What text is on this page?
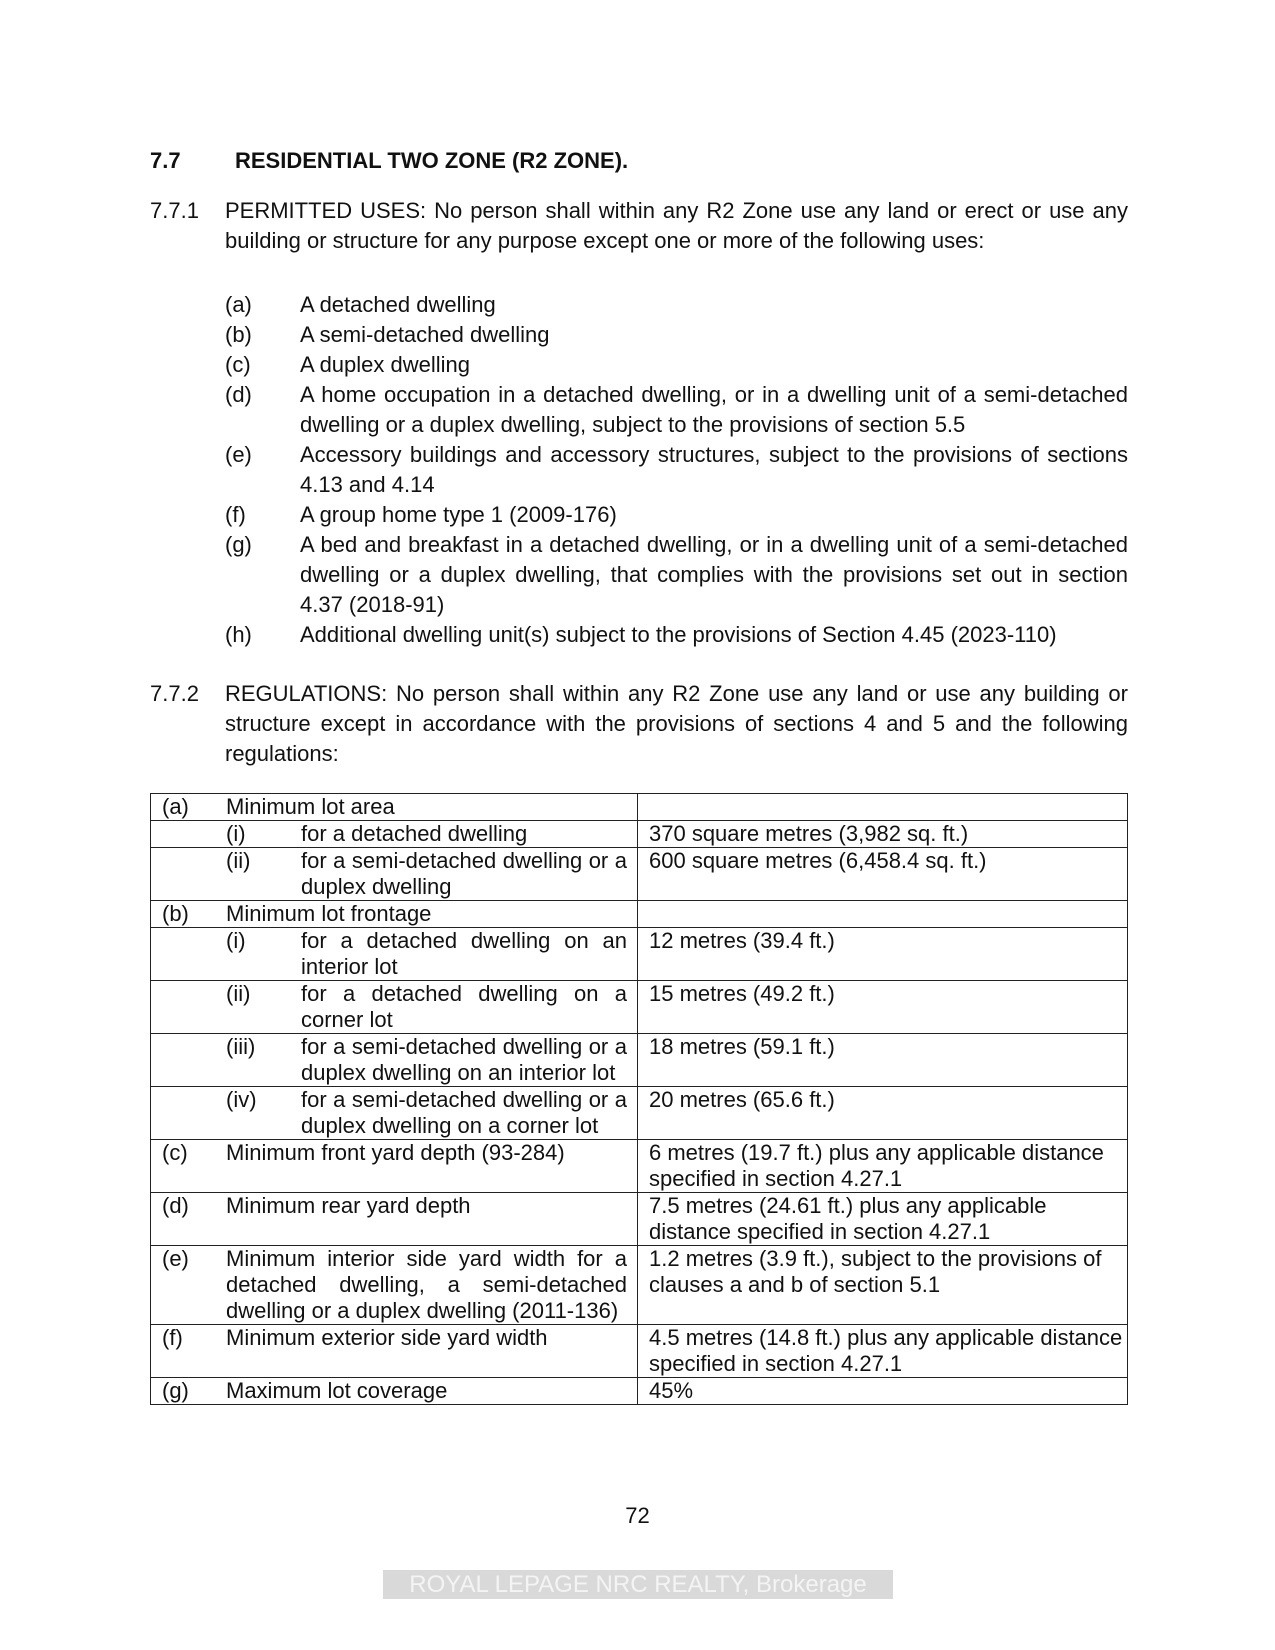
7.7 RESIDENTIAL TWO ZONE (R2 ZONE).
7.7.1 PERMITTED USES: No person shall within any R2 Zone use any land or erect or use any building or structure for any purpose except one or more of the following uses:
(a) A detached dwelling
(b) A semi-detached dwelling
(c) A duplex dwelling
(d) A home occupation in a detached dwelling, or in a dwelling unit of a semi-detached dwelling or a duplex dwelling, subject to the provisions of section 5.5
(e) Accessory buildings and accessory structures, subject to the provisions of sections 4.13 and 4.14
(f) A group home type 1 (2009-176)
(g) A bed and breakfast in a detached dwelling, or in a dwelling unit of a semi-detached dwelling or a duplex dwelling, that complies with the provisions set out in section 4.37 (2018-91)
(h) Additional dwelling unit(s) subject to the provisions of Section 4.45 (2023-110)
7.7.2 REGULATIONS: No person shall within any R2 Zone use any land or use any building or structure except in accordance with the provisions of sections 4 and 5 and the following regulations:
(a) Minimum lot area	

(i) for a detached dwelling	370 square metres (3,982 sq. ft.)

(ii) for a semi-detached dwelling or a duplex dwelling	600 square metres (6,458.4 sq. ft.)

(b) Minimum lot frontage	

(i) for a detached dwelling on an interior lot	12 metres (39.4 ft.)

(ii) for a detached dwelling on a corner lot	15 metres (49.2 ft.)

(iii) for a semi-detached dwelling or a duplex dwelling on an interior lot	18 metres (59.1 ft.)

(iv) for a semi-detached dwelling or a duplex dwelling on a corner lot	20 metres (65.6 ft.)

(c) Minimum front yard depth (93-284)	6 metres (19.7 ft.) plus any applicable distance specified in section 4.27.1

(d) Minimum rear yard depth	7.5 metres (24.61 ft.) plus any applicable distance specified in section 4.27.1

(e) Minimum interior side yard width for a detached dwelling, a semi-detached dwelling or a duplex dwelling (2011-136)	1.2 metres (3.9 ft.), subject to the provisions of clauses a and b of section 5.1

(f) Minimum exterior side yard width	4.5 metres (14.8 ft.) plus any applicable distance specified in section 4.27.1

(g) Maximum lot coverage	45%
72
ROYAL LEPAGE NRC REALTY, Brokerage
